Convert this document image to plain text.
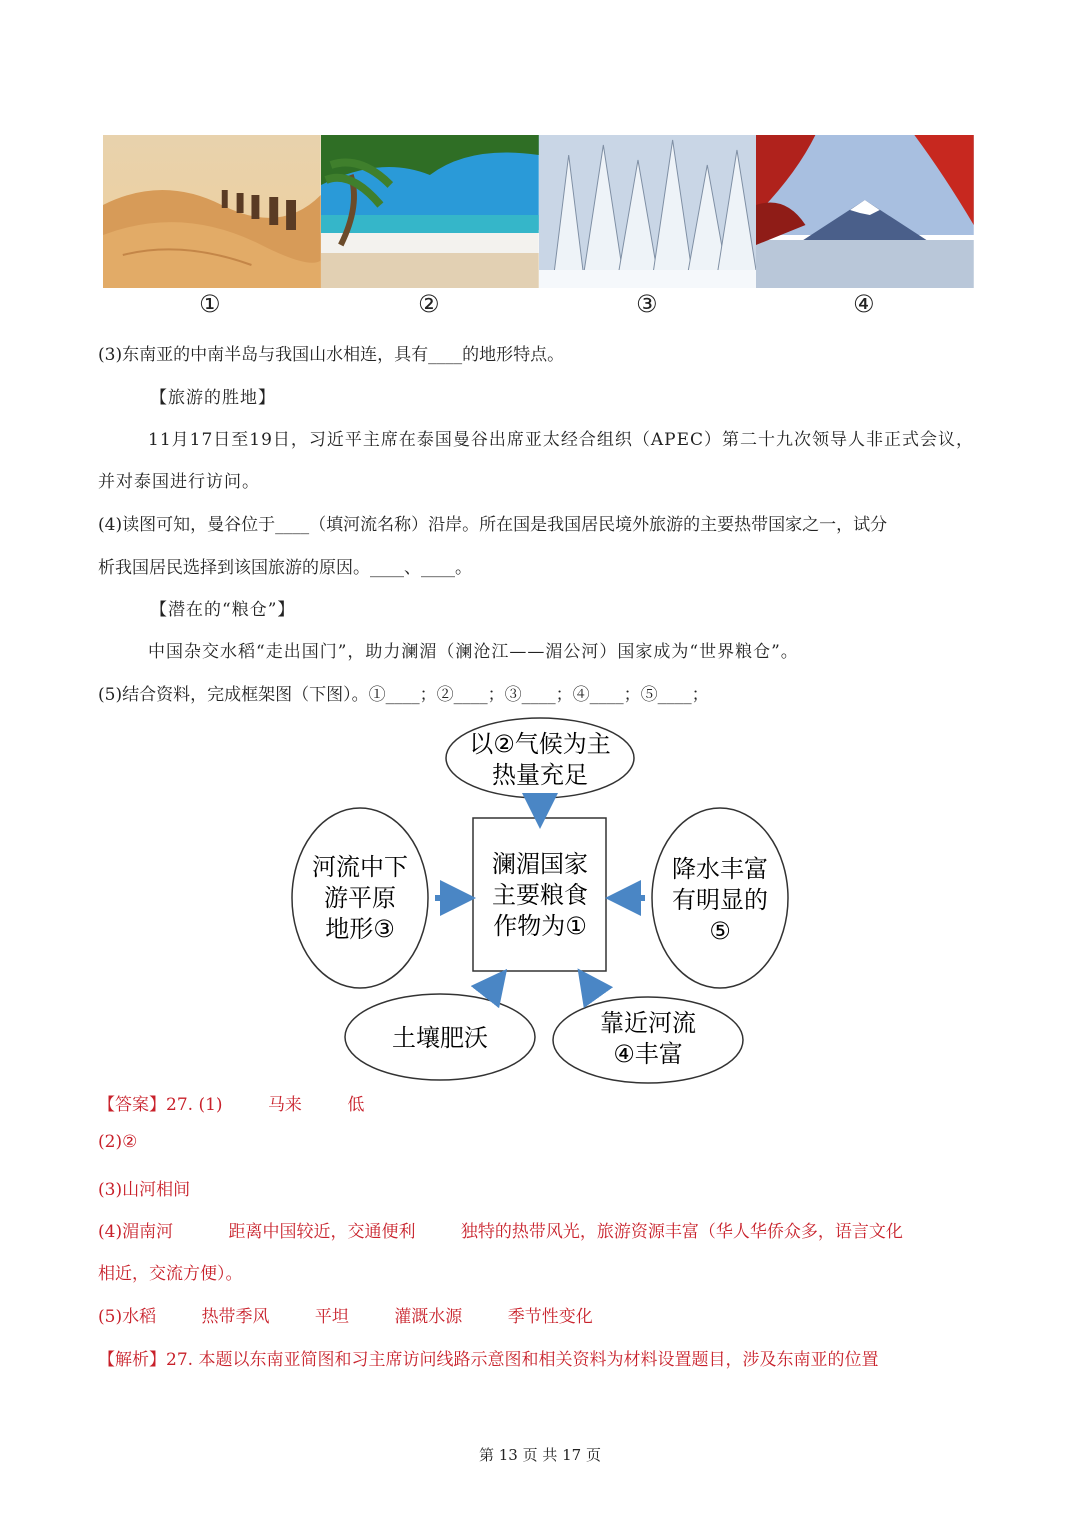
①	②	③	④
(3)东南亚的中南半岛与我国山水相连，具有____的地形特点。
【旅游的胜地】
11月17日至19日，习近平主席在泰国曼谷出席亚太经合组织（APEC）第二十九次领导人非正式会议，
并对泰国进行访问。
(4)读图可知，曼谷位于____（填河流名称）沿岸。所在国是我国居民境外旅游的主要热带国家之一，试分
析我国居民选择到该国旅游的原因。____、____。
【潜在的“粮仓”】
中国杂交水稻“走出国门”，助力澜湄（澜沧江——湄公河）国家成为“世界粮仓”。
(5)结合资料，完成框架图（下图）。①____；②____；③____；④____；⑤____；
以②气候为主
热量充足
澜湄国家
主要粮食
作物为①
河流中下
游平原
地形③
降水丰富
有明显的
⑤
土壤肥沃
靠近河流
④丰富
【答案】27. (1)	马来	低
(2)②
(3)山河相间
(4)湄南河	距离中国较近，交通便利	独特的热带风光，旅游资源丰富（华人华侨众多，语言文化
相近，交流方便）。
(5)水稻	热带季风	平坦	灌溉水源	季节性变化
【解析】27. 本题以东南亚简图和习主席访问线路示意图和相关资料为材料设置题目，涉及东南亚的位置
第 13 页 共 17 页
